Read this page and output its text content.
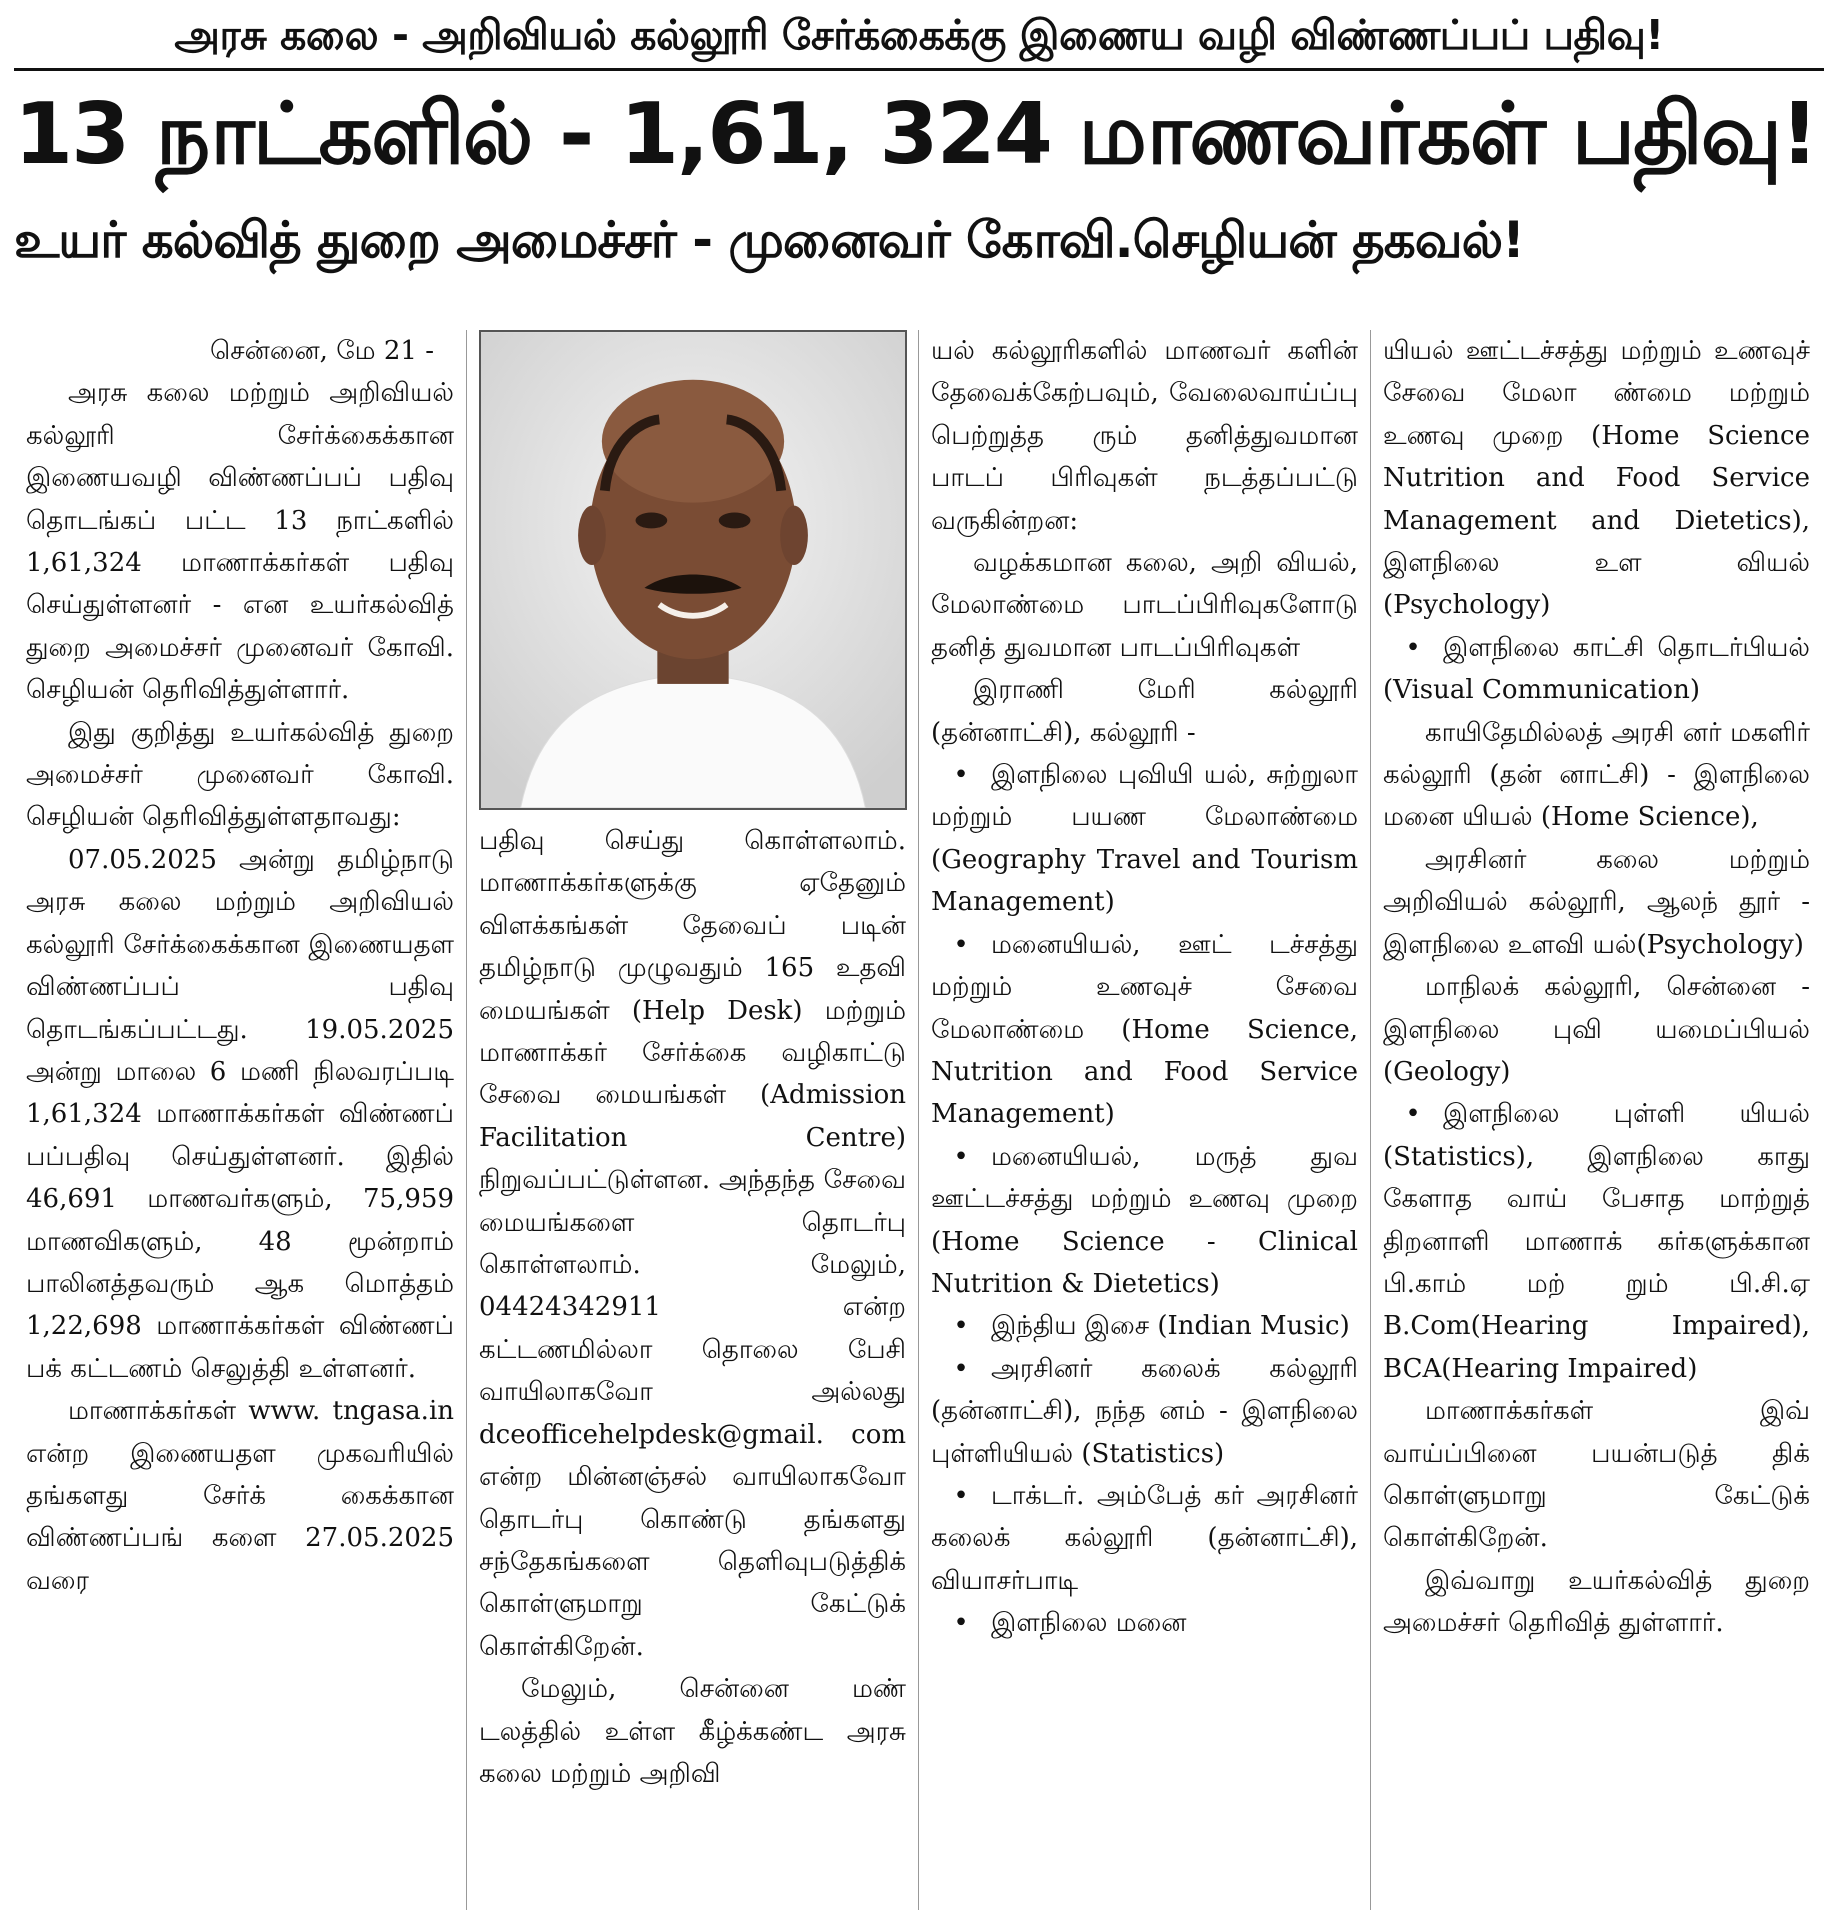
அரசு கலை - அறிவியல் கல்லூரி சேர்க்கைக்கு இணைய வழி விண்ணப்பப் பதிவு!
13 நாட்களில் - 1,61, 324 மாணவர்கள் பதிவு!
உயர் கல்வித் துறை அமைச்சர் - முனைவர் கோவி.செழியன் தகவல்!

சென்னை, மே 21 -

அரசு கலை மற்றும் அறிவியல் கல்லூரி சேர்க்கைக்கான இணையவழி விண்ணப்பப் பதிவு தொடங்கப் பட்ட 13 நாட்களில் 1,61,324 மாணாக்கர்கள் பதிவு செய்துள்ளனர் - என உயர்கல்வித் துறை அமைச்சர் முனைவர் கோவி. செழியன் தெரிவித்துள்ளார்.

இது குறித்து உயர்கல்வித் துறை அமைச்சர் முனைவர் கோவி. செழியன் தெரிவித்துள்ளதாவது:

07.05.2025 அன்று தமிழ்நாடு அரசு கலை மற்றும் அறிவியல் கல்லூரி சேர்க்கைக்கான இணையதள விண்ணப்பப் பதிவு தொடங்கப்பட்டது. 19.05.2025 அன்று மாலை 6 மணி நிலவரப்படி 1,61,324 மாணாக்கர்கள் விண்ணப் பப்பதிவு செய்துள்ளனர். இதில் 46,691 மாணவர்களும், 75,959 மாணவிகளும், 48 மூன்றாம் பாலினத்தவரும் ஆக மொத்தம் 1,22,698 மாணாக்கர்கள் விண்ணப் பக் கட்டணம் செலுத்தி உள்ளனர்.

மாணாக்கர்கள் www. tngasa.in என்ற இணையதள முகவரியில் தங்களது சேர்க் கைக்கான விண்ணப்பங் களை 27.05.2025 வரை

பதிவு செய்து கொள்ளலாம். மாணாக்கர்களுக்கு ஏதேனும் விளக்கங்கள் தேவைப் படின் தமிழ்நாடு முழுவதும் 165 உதவி மையங்கள் (Help Desk) மற்றும் மாணாக்கர் சேர்க்கை வழிகாட்டு சேவை மையங்கள் (Admission Facilitation Centre) நிறுவப்பட்டுள்ளன. அந்தந்த சேவை மையங்களை தொடர்பு கொள்ளலாம். மேலும், 04424342911 என்ற கட்டணமில்லா தொலை பேசி வாயிலாகவோ அல்லது dceofficehelpdesk@gmail. com என்ற மின்னஞ்சல் வாயிலாகவோ தொடர்பு கொண்டு தங்களது சந்தேகங்களை தெளிவுபடுத்திக் கொள்ளுமாறு கேட்டுக் கொள்கிறேன்.

மேலும், சென்னை மண் டலத்தில் உள்ள கீழ்க்கண்ட அரசு கலை மற்றும் அறிவி

யல் கல்லூரிகளில் மாணவர் களின் தேவைக்கேற்பவும், வேலைவாய்ப்பு பெற்றுத்த ரும் தனித்துவமான பாடப் பிரிவுகள் நடத்தப்பட்டு வருகின்றன:

வழக்கமான கலை, அறி வியல், மேலாண்மை பாடப்பிரிவுகளோடு தனித் துவமான பாடப்பிரிவுகள்

இராணி மேரி கல்லூரி (தன்னாட்சி), கல்லூரி -

• இளநிலை புவியி யல், சுற்றுலா மற்றும் பயண மேலாண்மை (Geography Travel and Tourism Management)

• மனையியல், ஊட் டச்சத்து மற்றும் உணவுச் சேவை மேலாண்மை (Home Science, Nutrition and Food Service Management)

• மனையியல், மருத் துவ ஊட்டச்சத்து மற்றும் உணவு முறை (Home Science - Clinical Nutrition & Dietetics)

• இந்திய இசை (Indian Music)

• அரசினர் கலைக் கல்லூரி (தன்னாட்சி), நந்த னம் - இளநிலை புள்ளியியல் (Statistics)

• டாக்டர். அம்பேத் கர் அரசினர் கலைக் கல்லூரி (தன்னாட்சி), வியாசர்பாடி

• இளநிலை மனை

யியல் ஊட்டச்சத்து மற்றும் உணவுச் சேவை மேலா ண்மை மற்றும் உணவு முறை (Home Science Nutrition and Food Service Management and Dietetics), இளநிலை உள வியல் (Psychology)

• இளநிலை காட்சி தொடர்பியல் (Visual Communication)

காயிதேமில்லத் அரசி னர் மகளிர் கல்லூரி (தன் னாட்சி) - இளநிலை மனை யியல் (Home Science),

அரசினர் கலை மற்றும் அறிவியல் கல்லூரி, ஆலந் தூர் - இளநிலை உளவி யல்(Psychology)

மாநிலக் கல்லூரி, சென்னை - இளநிலை புவி யமைப்பியல் (Geology)

• இளநிலை புள்ளி யியல் (Statistics), இளநிலை காது கேளாத வாய் பேசாத மாற்றுத் திறனாளி மாணாக் கர்களுக்கான பி.காம் மற் றும் பி.சி.ஏ B.Com(Hearing Impaired), BCA(Hearing Impaired)

மாணாக்கர்கள் இவ் வாய்ப்பினை பயன்படுத் திக் கொள்ளுமாறு கேட்டுக் கொள்கிறேன்.

இவ்வாறு உயர்கல்வித் துறை அமைச்சர் தெரிவித் துள்ளார்.
